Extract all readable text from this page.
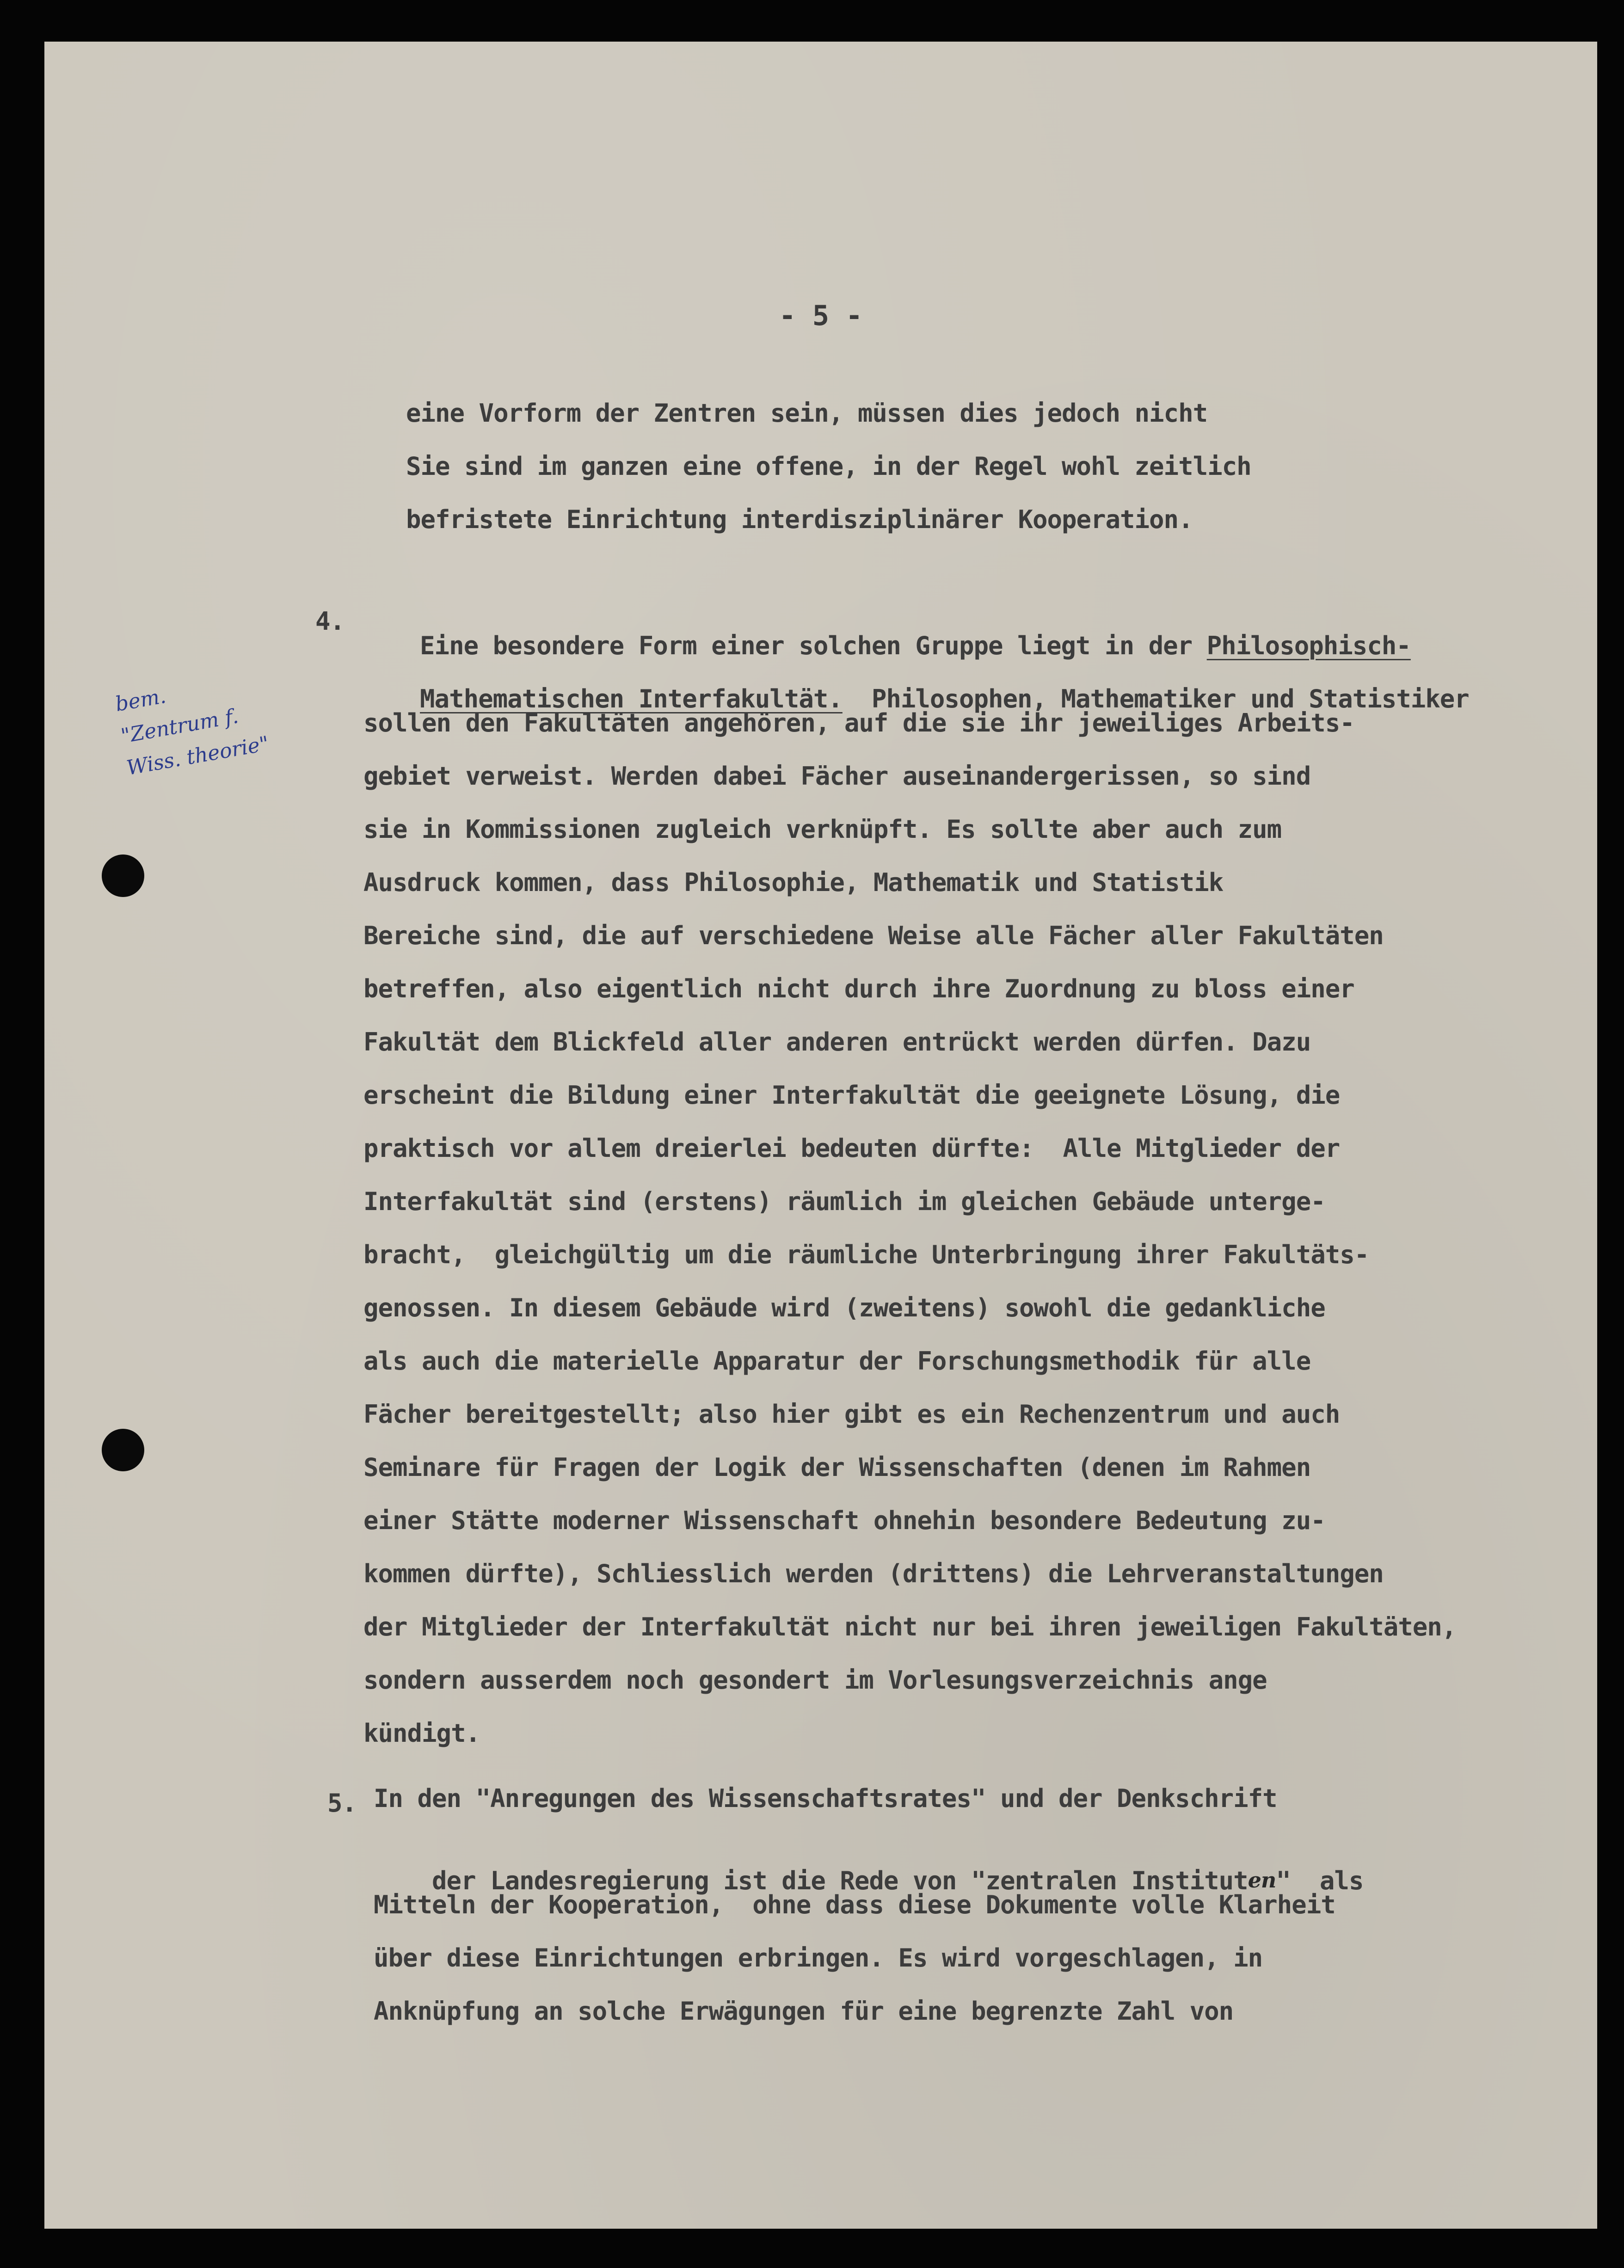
- 5 -
bem.
"Zentrum f.
Wiss. theorie"
eine Vorform der Zentren sein, müssen dies jedoch nicht
Sie sind im ganzen eine offene, in der Regel wohl zeitlich
befristete Einrichtung interdisziplinärer Kooperation.
4.

Eine besondere Form einer solchen Gruppe liegt in der Philosophisch-

Mathematischen Interfakultät.  Philosophen, Mathematiker und Statistiker

sollen den Fakultäten angehören, auf die sie ihr jeweiliges Arbeits-
gebiet verweist. Werden dabei Fächer auseinandergerissen, so sind
sie in Kommissionen zugleich verknüpft. Es sollte aber auch zum
Ausdruck kommen, dass Philosophie, Mathematik und Statistik
Bereiche sind, die auf verschiedene Weise alle Fächer aller Fakultäten
betreffen, also eigentlich nicht durch ihre Zuordnung zu bloss einer
Fakultät dem Blickfeld aller anderen entrückt werden dürfen. Dazu
erscheint die Bildung einer Interfakultät die geeignete Lösung, die
praktisch vor allem dreierlei bedeuten dürfte:  Alle Mitglieder der
Interfakultät sind (erstens) räumlich im gleichen Gebäude unterge-
bracht,  gleichgültig um die räumliche Unterbringung ihrer Fakultäts-
genossen. In diesem Gebäude wird (zweitens) sowohl die gedankliche
als auch die materielle Apparatur der Forschungsmethodik für alle
Fächer bereitgestellt; also hier gibt es ein Rechenzentrum und auch
Seminare für Fragen der Logik der Wissenschaften (denen im Rahmen
einer Stätte moderner Wissenschaft ohnehin besondere Bedeutung zu-
kommen dürfte), Schliesslich werden (drittens) die Lehrveranstaltungen
der Mitglieder der Interfakultät nicht nur bei ihren jeweiligen Fakultäten,
sondern ausserdem noch gesondert im Vorlesungsverzeichnis ange
kündigt.
5. In den "Anregungen des Wissenschaftsrates" und der Denkschrift

der Landesregierung ist die Rede von "zentralen Instituten"  als

Mitteln der Kooperation,  ohne dass diese Dokumente volle Klarheit
über diese Einrichtungen erbringen. Es wird vorgeschlagen, in
Anknüpfung an solche Erwägungen für eine begrenzte Zahl von
